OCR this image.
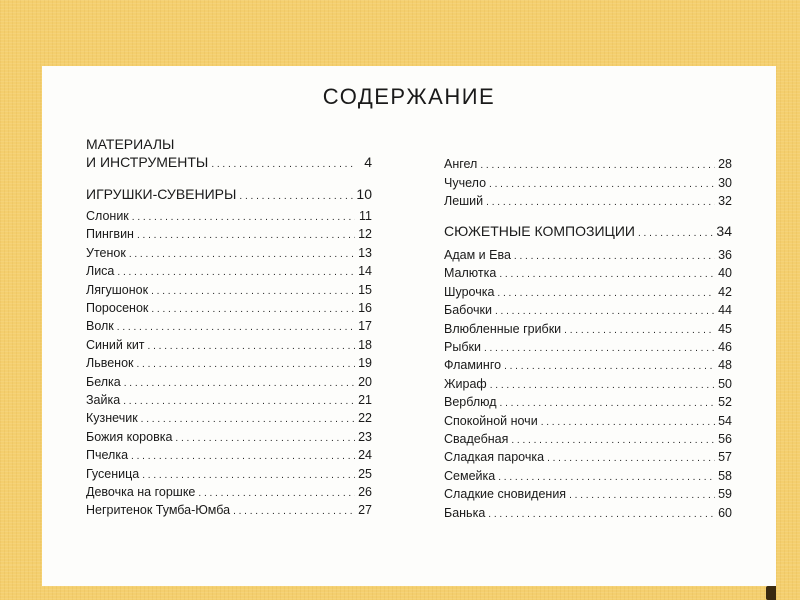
СОДЕРЖАНИЕ
МАТЕРИАЛЫ
И ИНСТРУМЕНТЫ . . .	4
ИГРУШКИ-СУВЕНИРЫ . . .	10
Слоник . . .	11
Пингвин . . .	12
Утенок . . .	13
Лиса . . .	14
Лягушонок . . .	15
Поросенок . . .	16
Волк . . .	17
Синий кит . . .	18
Львенок . . .	19
Белка . . .	20
Зайка . . .	21
Кузнечик . . .	22
Божия коровка . . .	23
Пчелка . . .	24
Гусеница . . .	25
Девочка на горшке . . .	26
Негритенок Тумба-Юмба . . .	27
Ангел . . .	28
Чучело . . .	30
Леший . . .	32
СЮЖЕТНЫЕ КОМПОЗИЦИИ . . .	34
Адам и Ева . . .	36
Малютка . . .	40
Шурочка . . .	42
Бабочки . . .	44
Влюбленные грибки . . .	45
Рыбки . . .	46
Фламинго . . .	48
Жираф . . .	50
Верблюд . . .	52
Спокойной ночи . . .	54
Свадебная . . .	56
Сладкая парочка . . .	57
Семейка . . .	58
Сладкие сновидения . . .	59
Банька . . .	60
